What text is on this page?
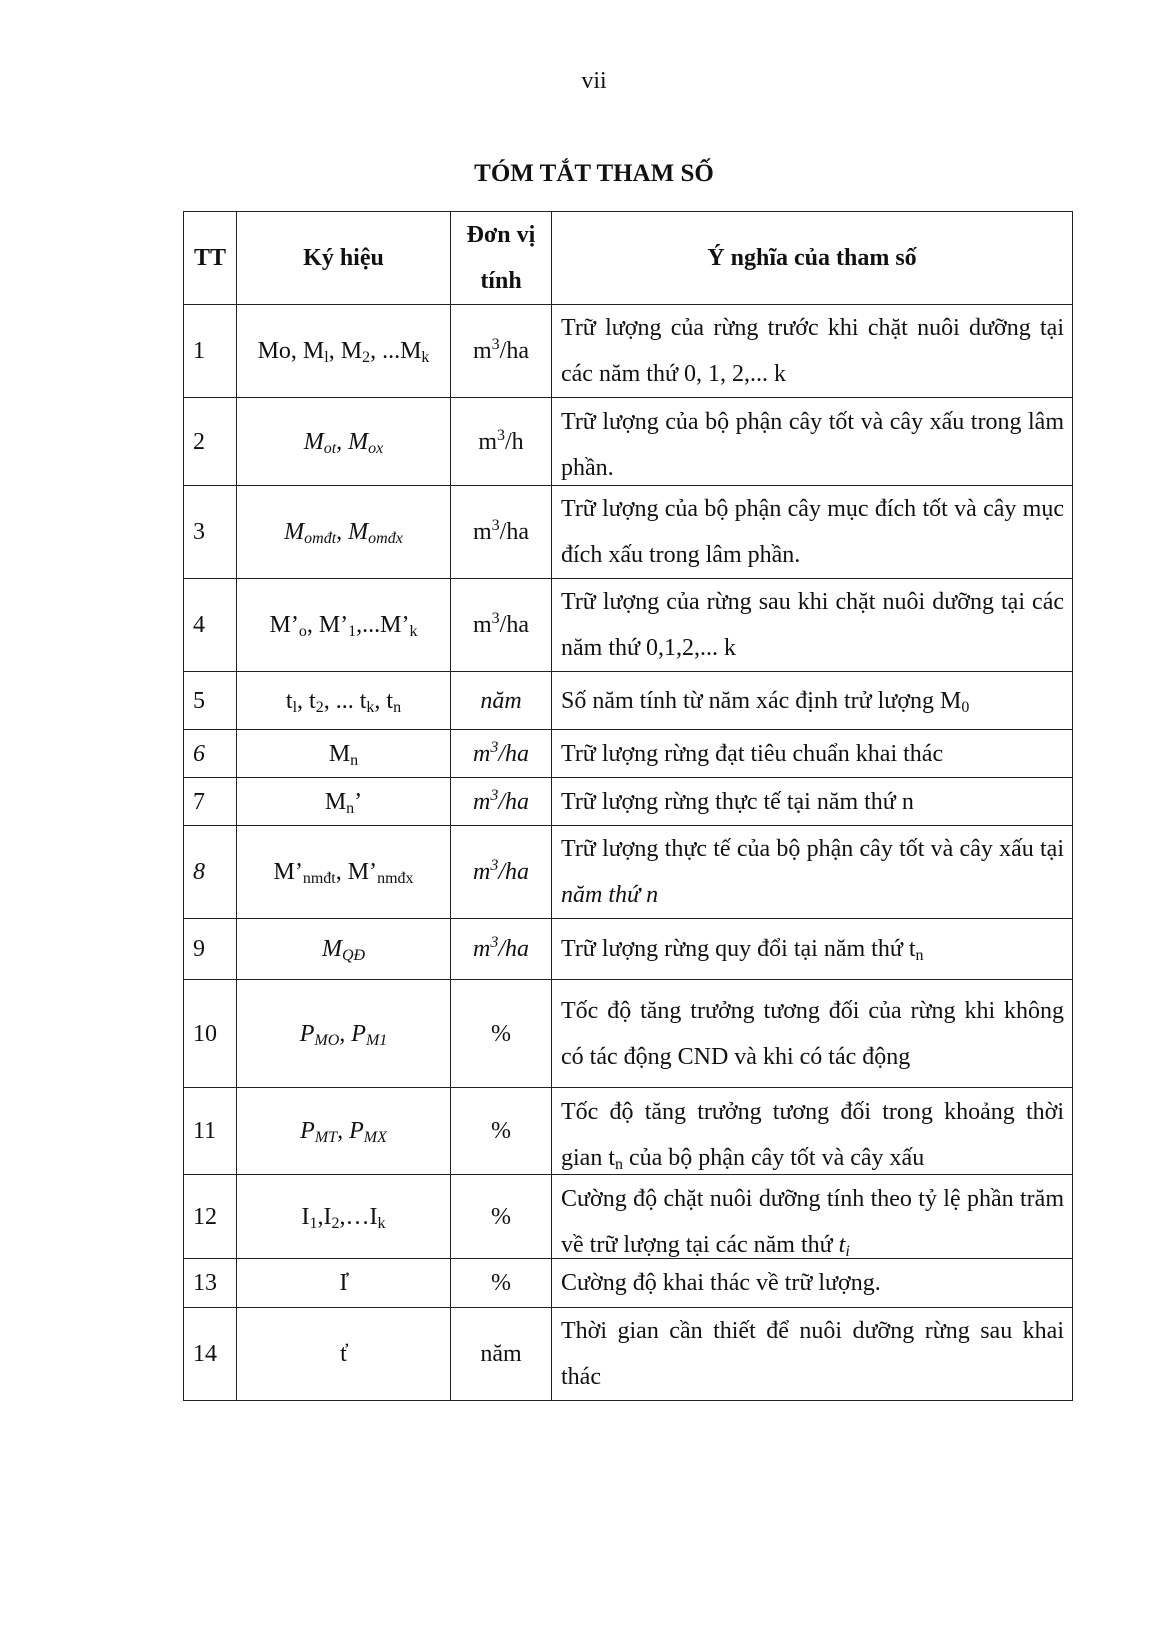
vii
TÓM TẮT THAM SỐ
TT	Ký hiệu	Đơn vị tính	Ý nghĩa của tham số
1	Mo, $M_l$, $M_2$, $...M_k$	$m^3/ha$	Trữ lượng của rừng trước khi chặt nuôi dưỡng tại các năm thứ 0, 1, 2,... k
2	$M_{ot}$, $M_{ox}$	$m^3/h$	Trữ lượng của bộ phận cây tốt và cây xấu trong lâm phần.

3	$M_{omđt}$, $M_{omđx}$	$m^3/ha$	Trữ lượng của bộ phận cây mục đích tốt và cây mục đích xấu trong lâm phần.
4	$M’_o$, $M’_1,...M’_k$	$m^3/ha$	Trữ lượng của rừng sau khi chặt nuôi dưỡng tại các năm thứ 0,1,2,... k
5	$t_l$, $t_2$, ... $t_k$, $t_n$	năm	Số năm tính từ năm xác định trử lượng $M_0$
6	$M_n$	$m^3/ha$	Trữ lượng rừng đạt tiêu chuẩn khai thác
7	$M_n$’	$m^3/ha$	Trữ lượng rừng thực tế tại năm thứ n
8	$M’_{nmđt}$, $M’_{nmđx}$	$m^3/ha$	Trữ lượng thực tế của bộ phận cây tốt và cây xấu tại năm thứ n
9	$M_{QĐ}$	$m^3/ha$	Trữ lượng rừng quy đổi tại năm thứ $t_n$
10	$P_{MO}$, $P_{M1}$	%	Tốc độ tăng trưởng tương đối của rừng khi không có tác động CND và khi có tác động

11	$P_{MT}$, $P_{MX}$	%	Tốc độ tăng trưởng tương đối trong khoảng thời gian $t_n$ của bộ phận cây tốt và cây xấu

12	$I_1,I_2,\dots I_k$	%	Cường độ chặt nuôi dưỡng tính theo tỷ lệ phần trăm về trữ lượng tại các năm thứ $t_i$

13	I̓	%	Cường độ khai thác về trữ lượng.
14	t̓	năm	Thời gian cần thiết để nuôi dưỡng rừng sau khai thác
